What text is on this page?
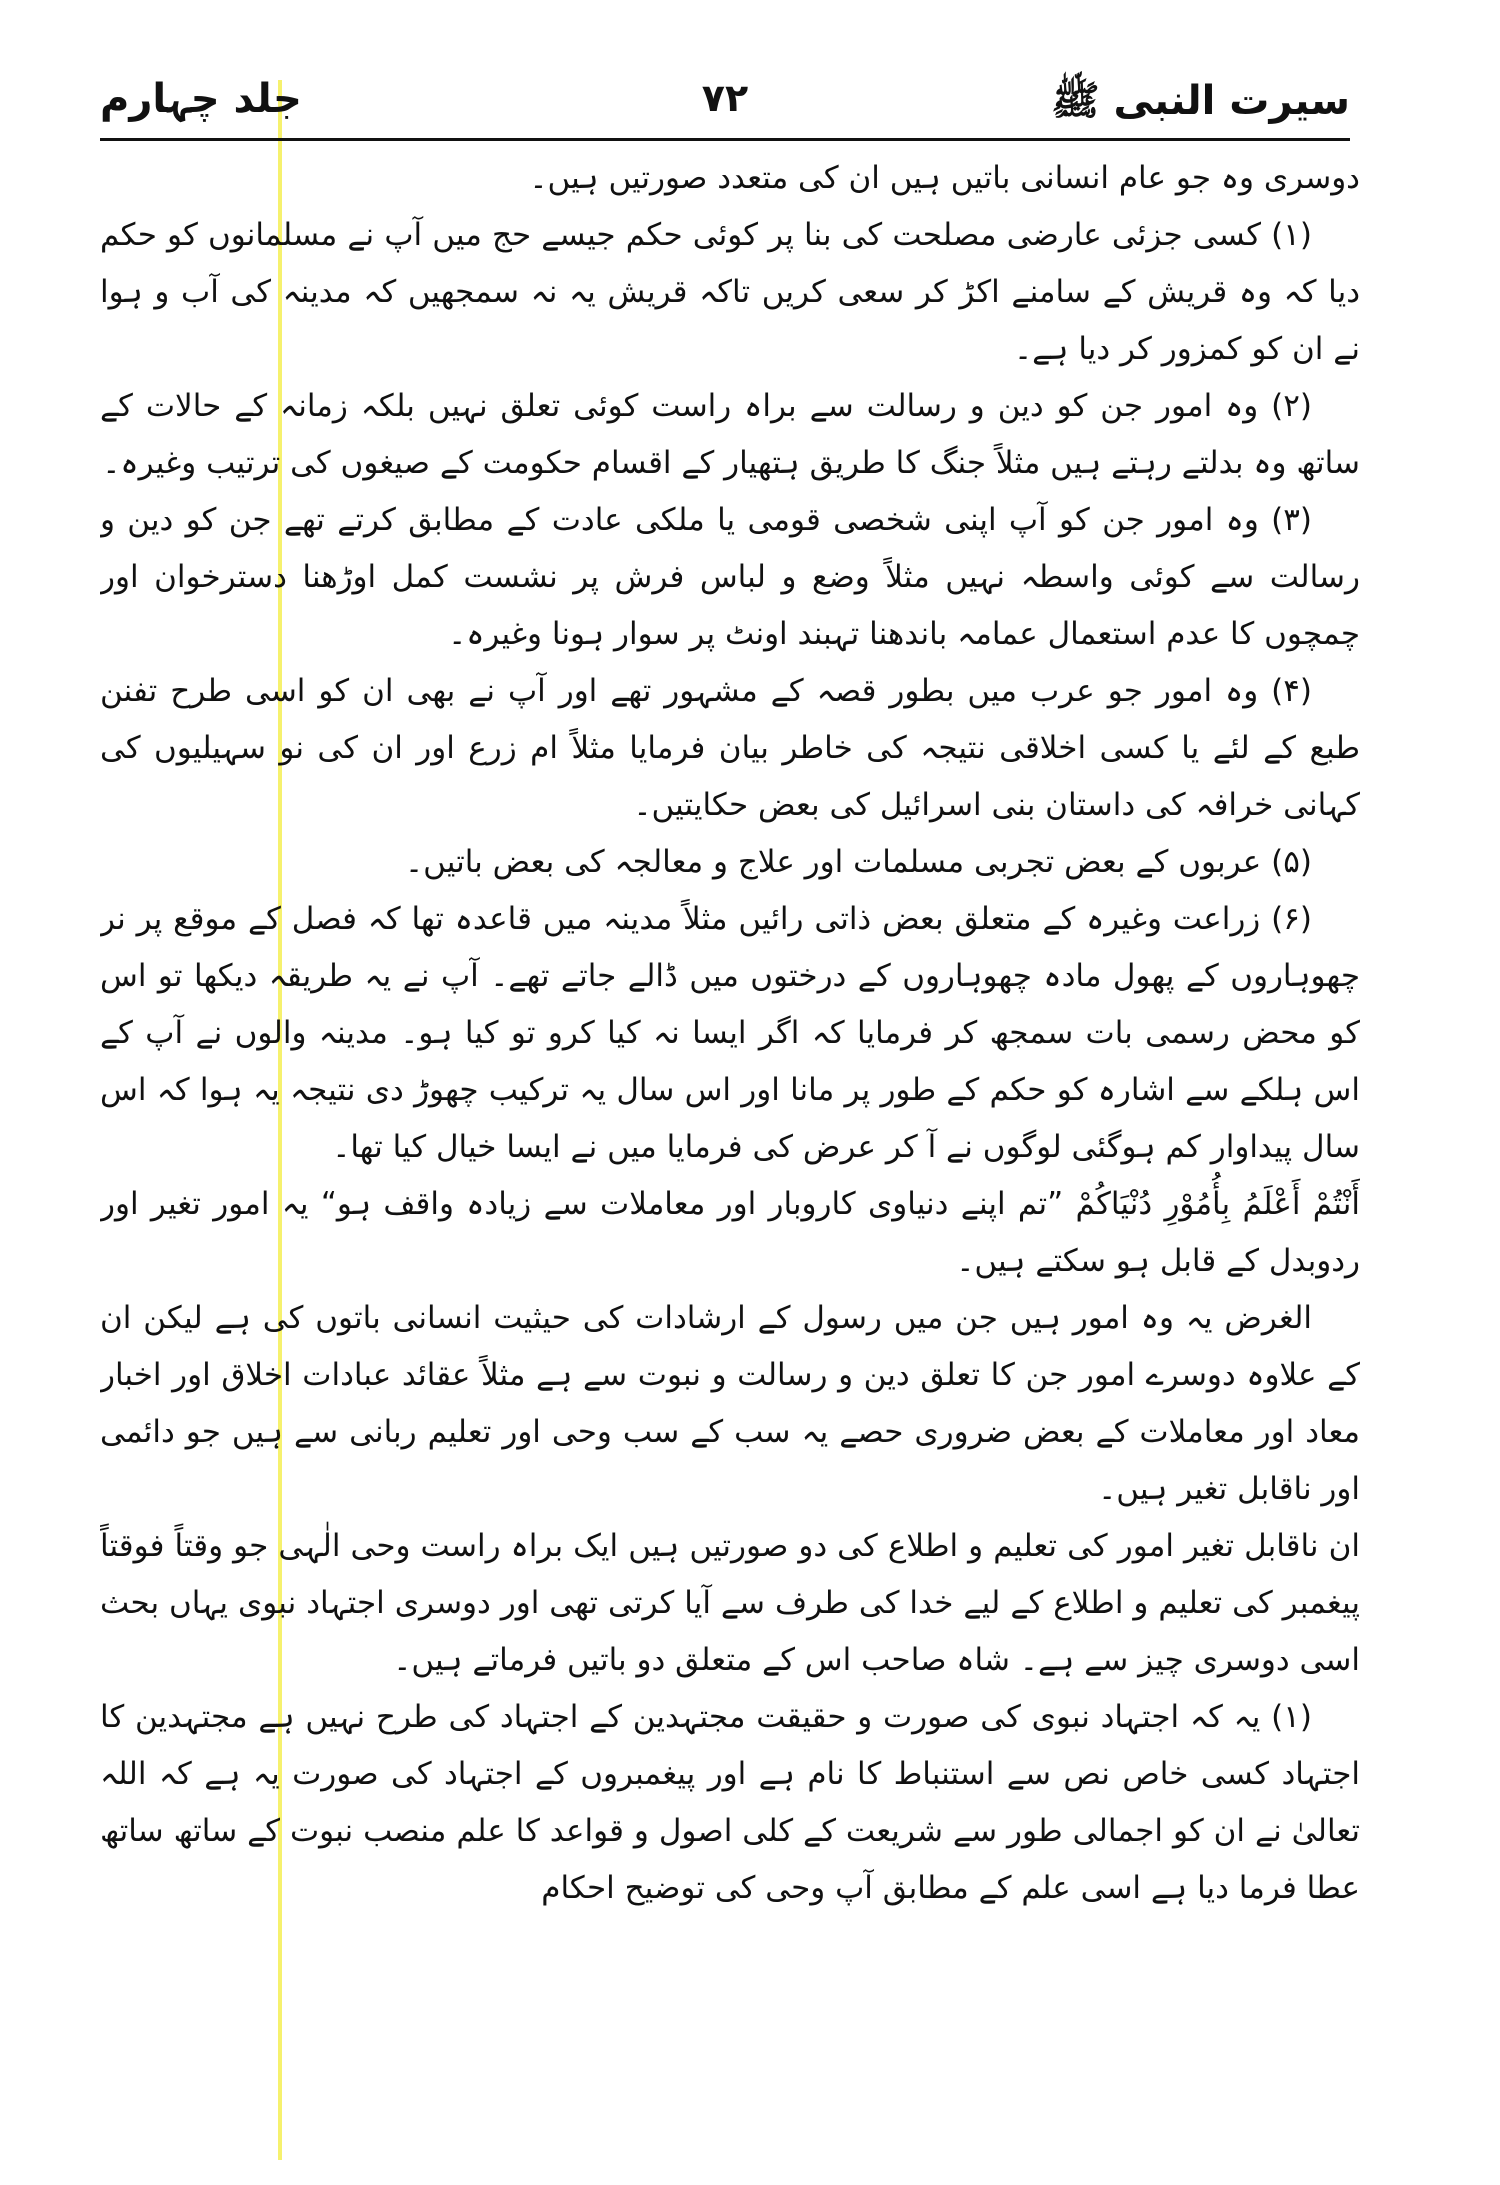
سیرت النبی ﷺ
۷۲
جلد چہارم

دوسری وہ جو عام انسانی باتیں ہیں ان کی متعدد صورتیں ہیں۔

(۱) کسی جزئی عارضی مصلحت کی بنا پر کوئی حکم جیسے حج میں آپ نے مسلمانوں کو حکم دیا کہ وہ قریش کے سامنے اکڑ کر سعی کریں تاکہ قریش یہ نہ سمجھیں کہ مدینہ کی آب و ہوا نے ان کو کمزور کر دیا ہے۔

(۲) وہ امور جن کو دین و رسالت سے براہ راست کوئی تعلق نہیں بلکہ زمانہ کے حالات کے ساتھ وہ بدلتے رہتے ہیں مثلاً جنگ کا طریق ہتھیار کے اقسام حکومت کے صیغوں کی ترتیب وغیرہ۔

(۳) وہ امور جن کو آپ اپنی شخصی قومی یا ملکی عادت کے مطابق کرتے تھے جن کو دین و رسالت سے کوئی واسطہ نہیں مثلاً وضع و لباس فرش پر نشست کمل اوڑھنا دسترخوان اور چمچوں کا عدم استعمال عمامہ باندھنا تہبند اونٹ پر سوار ہونا وغیرہ۔

(۴) وہ امور جو عرب میں بطور قصہ کے مشہور تھے اور آپ نے بھی ان کو اسی طرح تفنن طبع کے لئے یا کسی اخلاقی نتیجہ کی خاطر بیان فرمایا مثلاً ام زرع اور ان کی نو سہیلیوں کی کہانی خرافہ کی داستان بنی اسرائیل کی بعض حکایتیں۔

(۵) عربوں کے بعض تجربی مسلمات اور علاج و معالجہ کی بعض باتیں۔

(۶) زراعت وغیرہ کے متعلق بعض ذاتی رائیں مثلاً مدینہ میں قاعدہ تھا کہ فصل کے موقع پر نر چھوہاروں کے پھول مادہ چھوہاروں کے درختوں میں ڈالے جاتے تھے۔ آپ نے یہ طریقہ دیکھا تو اس کو محض رسمی بات سمجھ کر فرمایا کہ اگر ایسا نہ کیا کرو تو کیا ہو۔ مدینہ والوں نے آپ کے اس ہلکے سے اشارہ کو حکم کے طور پر مانا اور اس سال یہ ترکیب چھوڑ دی نتیجہ یہ ہوا کہ اس سال پیداوار کم ہوگئی لوگوں نے آ کر عرض کی فرمایا میں نے ایسا خیال کیا تھا۔

أَنْتُمْ أَعْلَمُ بِأُمُوْرِ دُنْيَاكُمْ ”تم اپنے دنیاوی کاروبار اور معاملات سے زیادہ واقف ہو“ یہ امور تغیر اور ردوبدل کے قابل ہو سکتے ہیں۔

الغرض یہ وہ امور ہیں جن میں رسول کے ارشادات کی حیثیت انسانی باتوں کی ہے لیکن ان کے علاوہ دوسرے امور جن کا تعلق دین و رسالت و نبوت سے ہے مثلاً عقائد عبادات اخلاق اور اخبار معاد اور معاملات کے بعض ضروری حصے یہ سب کے سب وحی اور تعلیم ربانی سے ہیں جو دائمی اور ناقابل تغیر ہیں۔

ان ناقابل تغیر امور کی تعلیم و اطلاع کی دو صورتیں ہیں ایک براہ راست وحی الٰہی جو وقتاً فوقتاً پیغمبر کی تعلیم و اطلاع کے لیے خدا کی طرف سے آیا کرتی تھی اور دوسری اجتہاد نبوی یہاں بحث اسی دوسری چیز سے ہے۔ شاہ صاحب اس کے متعلق دو باتیں فرماتے ہیں۔

(۱) یہ کہ اجتہاد نبوی کی صورت و حقیقت مجتہدین کے اجتہاد کی طرح نہیں ہے مجتہدین کا اجتہاد کسی خاص نص سے استنباط کا نام ہے اور پیغمبروں کے اجتہاد کی صورت یہ ہے کہ اللہ تعالیٰ نے ان کو اجمالی طور سے شریعت کے کلی اصول و قواعد کا علم منصب نبوت کے ساتھ ساتھ عطا فرما دیا ہے اسی علم کے مطابق آپ وحی کی توضیح احکام
